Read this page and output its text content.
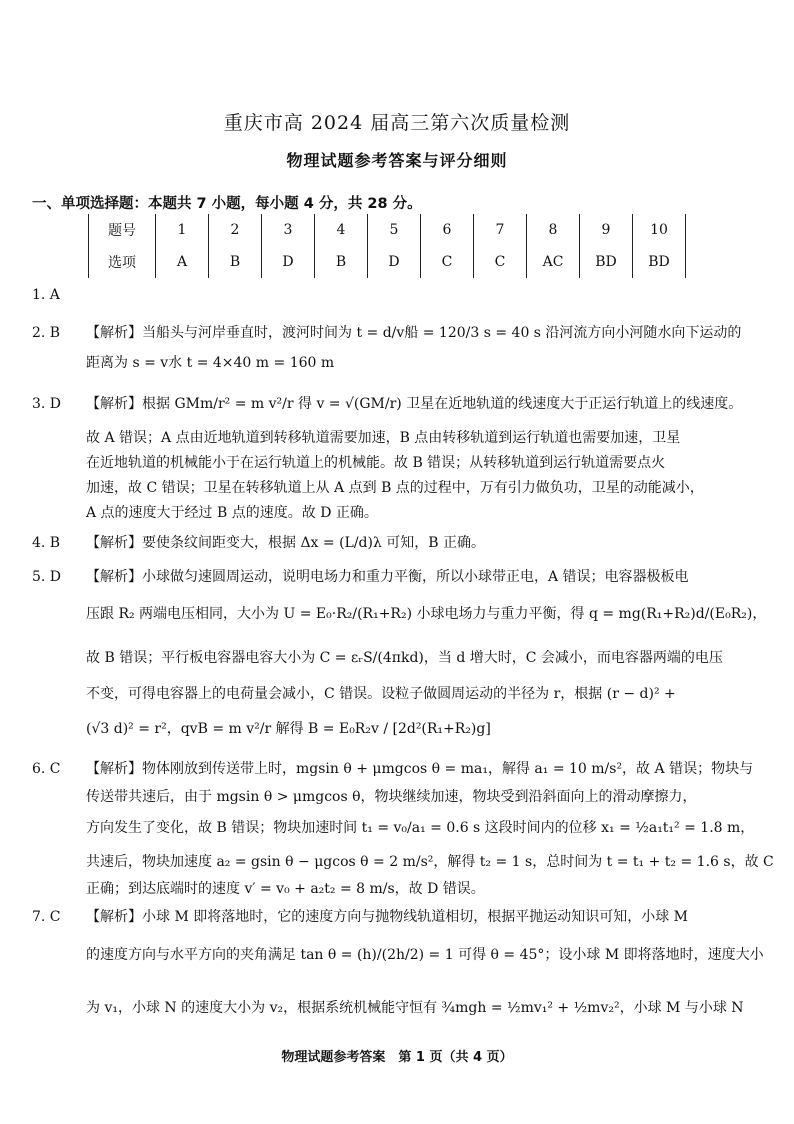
重庆市高 2024 届高三第六次质量检测
物理试题参考答案与评分细则
一、单项选择题：本题共 7 小题，每小题 4 分，共 28 分。
题号	1	2	3	4	5	6	7	8	9	10
选项	A	B	D	B	D	C	C	AC	BD	BD
1. A
2. B 【解析】当船头与河岸垂直时，渡河时间为 t = d/v船 = 120/3 s = 40 s 沿河流方向小河随水向下运动的
距离为 s = v水 t = 4×40 m = 160 m
3. D 【解析】根据 GMm/r² = m v²/r 得 v = √(GM/r) 卫星在近地轨道的线速度大于正运行轨道上的线速度。
故 A 错误；A 点由近地轨道到转移轨道需要加速，B 点由转移轨道到运行轨道也需要加速，卫星
在近地轨道的机械能小于在运行轨道上的机械能。故 B 错误；从转移轨道到运行轨道需要点火
加速，故 C 错误；卫星在转移轨道上从 A 点到 B 点的过程中，万有引力做负功，卫星的动能减小，
A 点的速度大于经过 B 点的速度。故 D 正确。
4. B 【解析】要使条纹间距变大，根据 Δx = (L/d)λ 可知，B 正确。
5. D 【解析】小球做匀速圆周运动，说明电场力和重力平衡，所以小球带正电，A 错误；电容器极板电
压跟 R₂ 两端电压相同，大小为 U = E₀·R₂/(R₁+R₂) 小球电场力与重力平衡，得 q = mg(R₁+R₂)d/(E₀R₂)，
故 B 错误；平行板电容器电容大小为 C = εᵣS/(4πkd)，当 d 增大时，C 会减小，而电容器两端的电压
不变，可得电容器上的电荷量会减小，C 错误。设粒子做圆周运动的半径为 r，根据 (r − d)² +
(√3 d)² = r²，qvB = m v²/r 解得 B = E₀R₂v / [2d²(R₁+R₂)g]
6. C 【解析】物体刚放到传送带上时，mgsin θ + μmgcos θ = ma₁，解得 a₁ = 10 m/s²，故 A 错误；物块与
传送带共速后，由于 mgsin θ > μmgcos θ，物块继续加速，物块受到沿斜面向上的滑动摩擦力，
方向发生了变化，故 B 错误；物块加速时间 t₁ = v₀/a₁ = 0.6 s 这段时间内的位移 x₁ = ½a₁t₁² = 1.8 m，
共速后，物块加速度 a₂ = gsin θ − μgcos θ = 2 m/s²，解得 t₂ = 1 s，总时间为 t = t₁ + t₂ = 1.6 s，故 C
正确；到达底端时的速度 v′ = v₀ + a₂t₂ = 8 m/s，故 D 错误。
7. C 【解析】小球 M 即将落地时，它的速度方向与抛物线轨道相切，根据平抛运动知识可知，小球 M
的速度方向与水平方向的夹角满足 tan θ = (h)/(2h/2) = 1 可得 θ = 45°；设小球 M 即将落地时，速度大小
为 v₁，小球 N 的速度大小为 v₂，根据系统机械能守恒有 ¾mgh = ½mv₁² + ½mv₂²，小球 M 与小球 N
物理试题参考答案　第 1 页（共 4 页）
